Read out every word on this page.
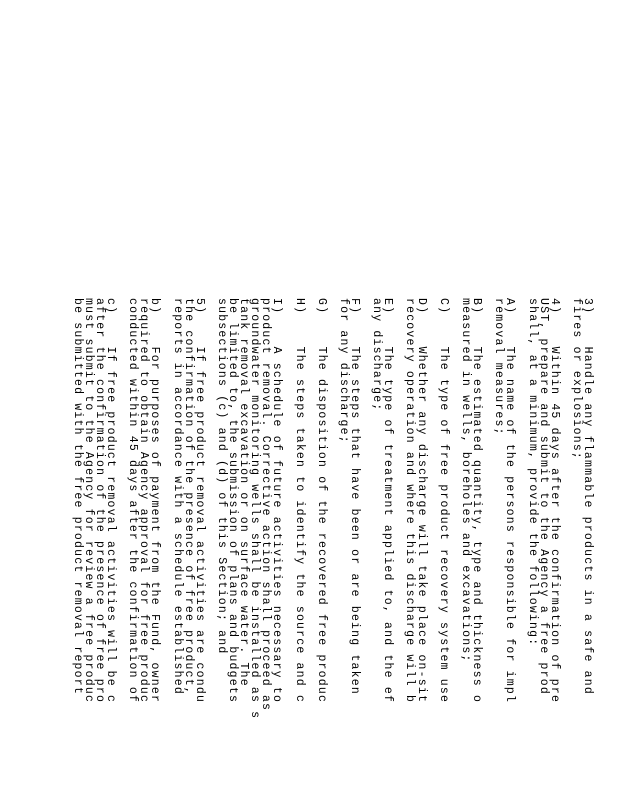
3)    Handle any flammable products in a safe and
fires or explosions;
4)    Within 45 days after the confirmation of pre
UST, prepare and submit to the Agency a free prod
shall, at a minimum, provide the following:
A)    The name of the persons responsible for impl
removal measures;
B)    The estimated quantity, type and thickness o
measured in wells, boreholes and excavations;
C)    The type of free product recovery system use
D)    Whether any discharge will take place on-sit
recovery operation and where this discharge will b
E)    The type of treatment applied to, and the ef
any discharge;
F)    The steps that have been or are being taken
for any discharge;
G)    The disposition of the recovered free produc
H)    The steps taken to identify the source and c
I)    A schedule of future activities necessary to
product removal. Corrective action shall proceed as
groundwater monitoring wells shall be installed as s
tank removal excavation or on surface water. The
be limited to, the submission of plans and budgets
subsections (c) and (d) of this Section; and
5)    If free product removal activities are condu
the confirmation of the presence of free product,
reports in accordance with a schedule established
b)    For purposes of payment from the Fund, owner
required to obtain Agency approval for free produc
conducted within 45 days after the confirmation of
c)    If free product removal activities will be c
after the confirmation of the presence of free pro
must submit to the Agency for review a free produc
be submitted with the free product removal report
